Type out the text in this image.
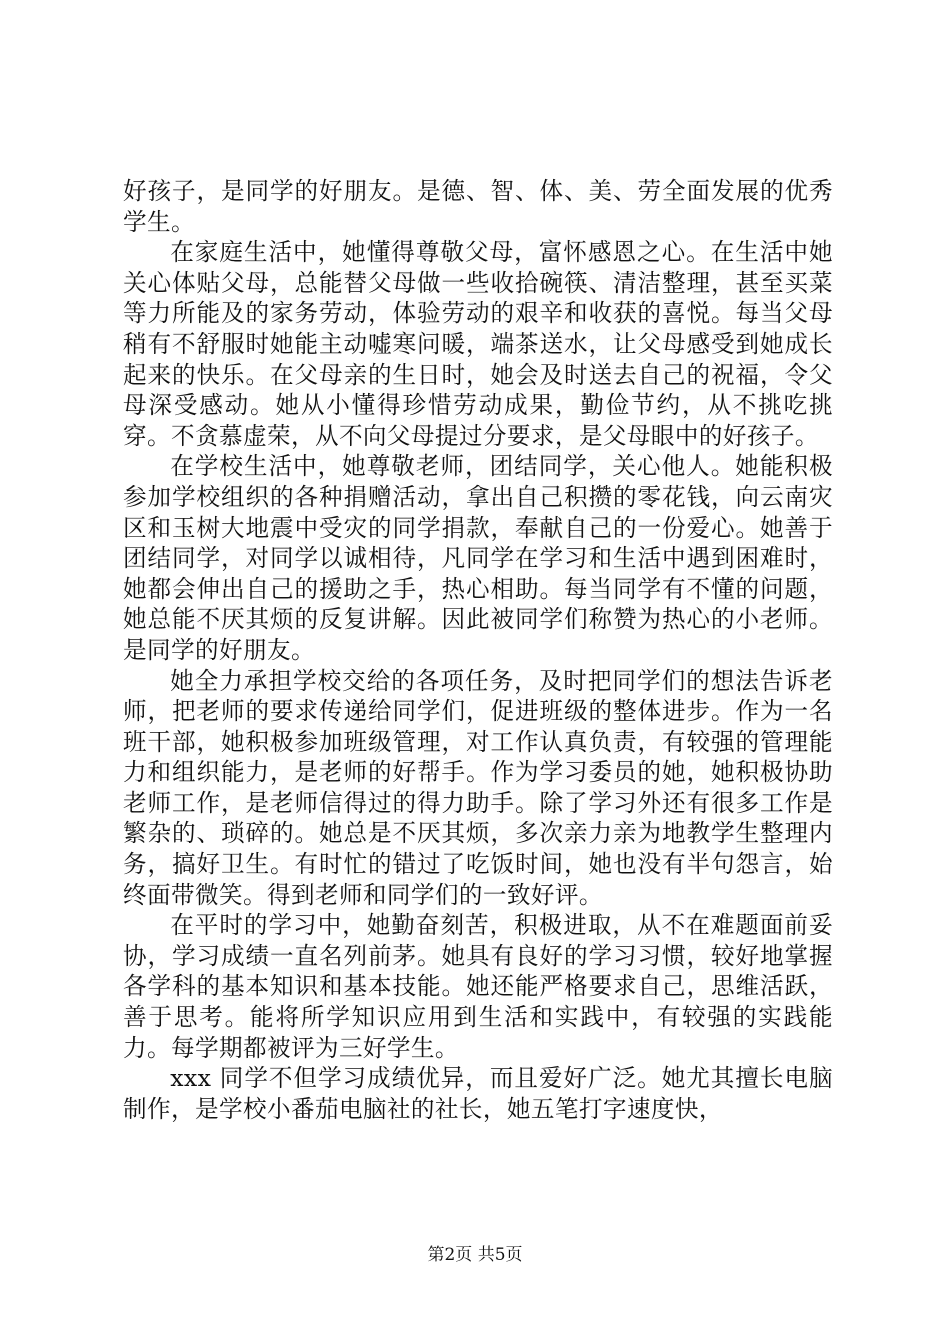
好孩子，是同学的好朋友。是德、智、体、美、劳全面发展的优秀学生。

在家庭生活中，她懂得尊敬父母，富怀感恩之心。在生活中她关心体贴父母，总能替父母做一些收拾碗筷、清洁整理，甚至买菜等力所能及的家务劳动，体验劳动的艰辛和收获的喜悦。每当父母稍有不舒服时她能主动嘘寒问暖，端茶送水，让父母感受到她成长起来的快乐。在父母亲的生日时，她会及时送去自己的祝福，令父母深受感动。她从小懂得珍惜劳动成果，勤俭节约，从不挑吃挑穿。不贪慕虚荣，从不向父母提过分要求，是父母眼中的好孩子。

在学校生活中，她尊敬老师，团结同学，关心他人。她能积极参加学校组织的各种捐赠活动，拿出自己积攒的零花钱，向云南灾区和玉树大地震中受灾的同学捐款，奉献自己的一份爱心。她善于团结同学，对同学以诚相待，凡同学在学习和生活中遇到困难时，她都会伸出自己的援助之手，热心相助。每当同学有不懂的问题，她总能不厌其烦的反复讲解。因此被同学们称赞为热心的小老师。是同学的好朋友。

她全力承担学校交给的各项任务，及时把同学们的想法告诉老师，把老师的要求传递给同学们，促进班级的整体进步。作为一名班干部，她积极参加班级管理，对工作认真负责，有较强的管理能力和组织能力，是老师的好帮手。作为学习委员的她，她积极协助老师工作，是老师信得过的得力助手。除了学习外还有很多工作是繁杂的、琐碎的。她总是不厌其烦，多次亲力亲为地教学生整理内务，搞好卫生。有时忙的错过了吃饭时间，她也没有半句怨言，始终面带微笑。得到老师和同学们的一致好评。

在平时的学习中，她勤奋刻苦，积极进取，从不在难题面前妥协，学习成绩一直名列前茅。她具有良好的学习习惯，较好地掌握各学科的基本知识和基本技能。她还能严格要求自己，思维活跃，善于思考。能将所学知识应用到生活和实践中，有较强的实践能力。每学期都被评为三好学生。

xxx 同学不但学习成绩优异，而且爱好广泛。她尤其擅长电脑制作，是学校小番茄电脑社的社长，她五笔打字速度快，

第2页 共5页
